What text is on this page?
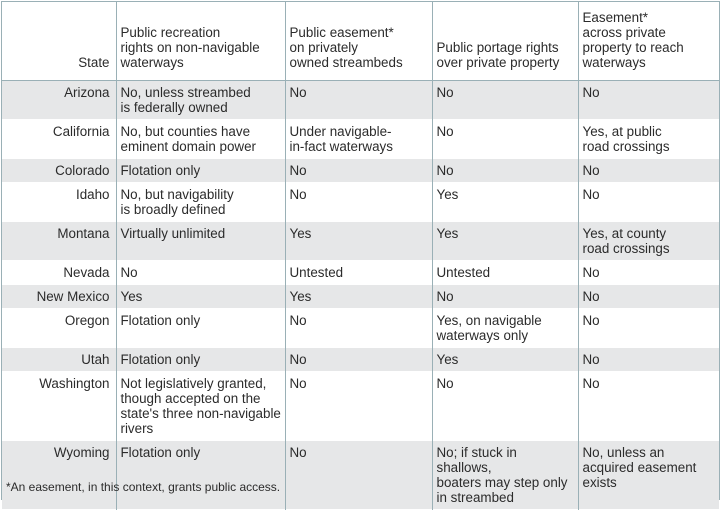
State	Public recreation
rights on non-navigable
waterways	Public easement*
on privately
owned streambeds	Public portage rights
over private property	Easement*
across private
property to reach
waterways
Arizona	No, unless streambed
is federally owned	No	No	No
California	No, but counties have
eminent domain power	Under navigable-
in-fact waterways	No	Yes, at public
road crossings
Colorado	Flotation only	No	No	No
Idaho	No, but navigability
is broadly defined	No	Yes	No
Montana	Virtually unlimited	Yes	Yes	Yes, at county
road crossings
Nevada	No	Untested	Untested	No
New Mexico	Yes	Yes	No	No
Oregon	Flotation only	No	Yes, on navigable
waterways only	No
Utah	Flotation only	No	Yes	No
Washington	Not legislatively granted,
though accepted on the
state's three non-navigable
rivers	No	No	No
Wyoming	Flotation only	No	No; if stuck in shallows,
boaters may step only
in streambed	No, unless an
acquired easement
exists
*An easement, in this context, grants public access.
